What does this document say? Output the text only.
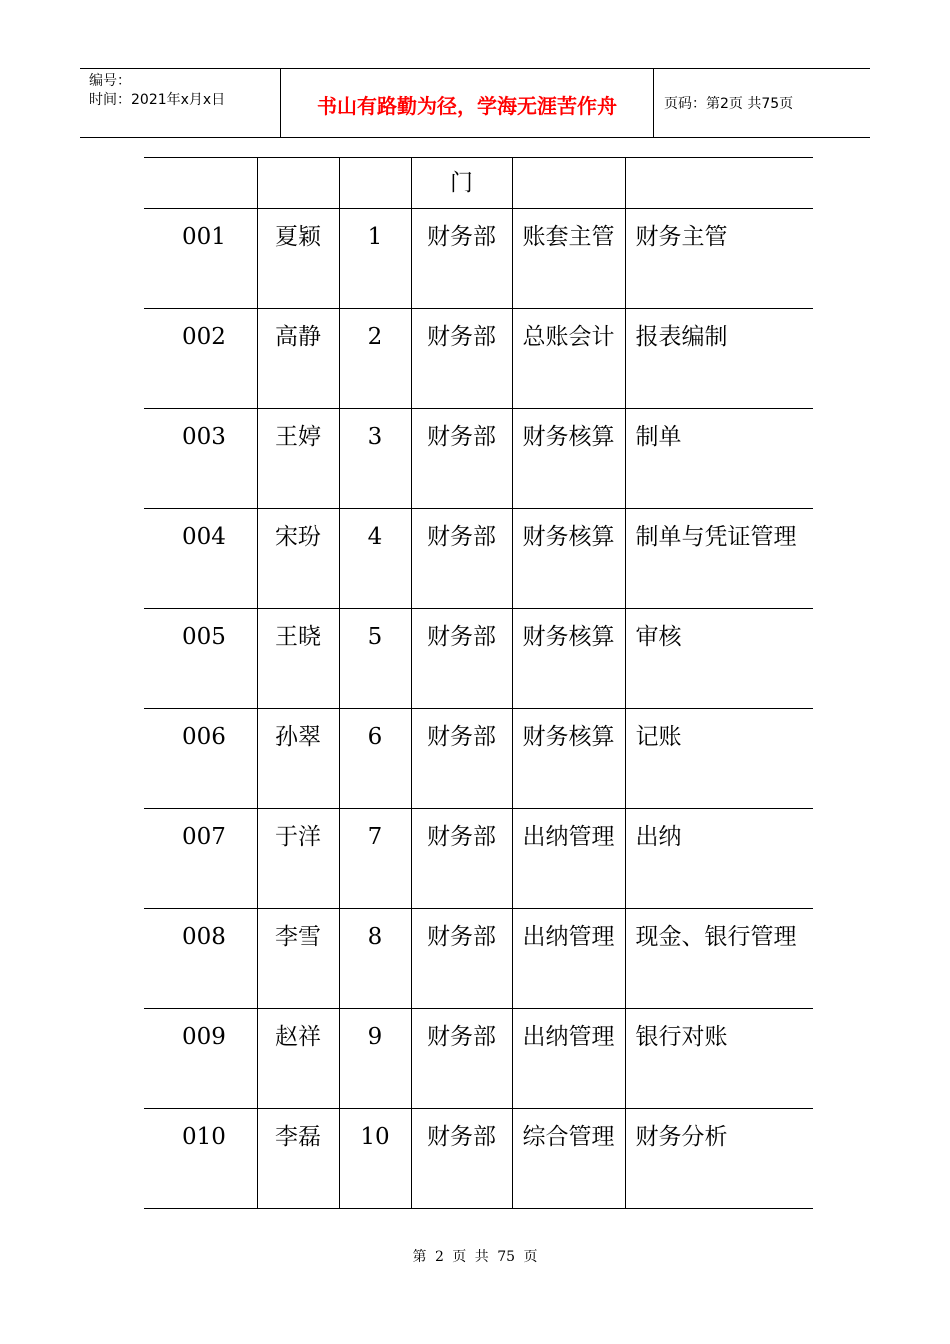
编号：
时间：2021年x月x日	书山有路勤为径，学海无涯苦作舟	页码：第2页 共75页
			门		
001	夏颖	1	财务部	账套主管	财务主管
002	高静	2	财务部	总账会计	报表编制
003	王婷	3	财务部	财务核算	制单
004	宋玢	4	财务部	财务核算	制单与凭证管理
005	王晓	5	财务部	财务核算	审核
006	孙翠	6	财务部	财务核算	记账
007	于洋	7	财务部	出纳管理	出纳
008	李雪	8	财务部	出纳管理	现金、银行管理
009	赵祥	9	财务部	出纳管理	银行对账
010	李磊	10	财务部	综合管理	财务分析
第 2 页 共 75 页
